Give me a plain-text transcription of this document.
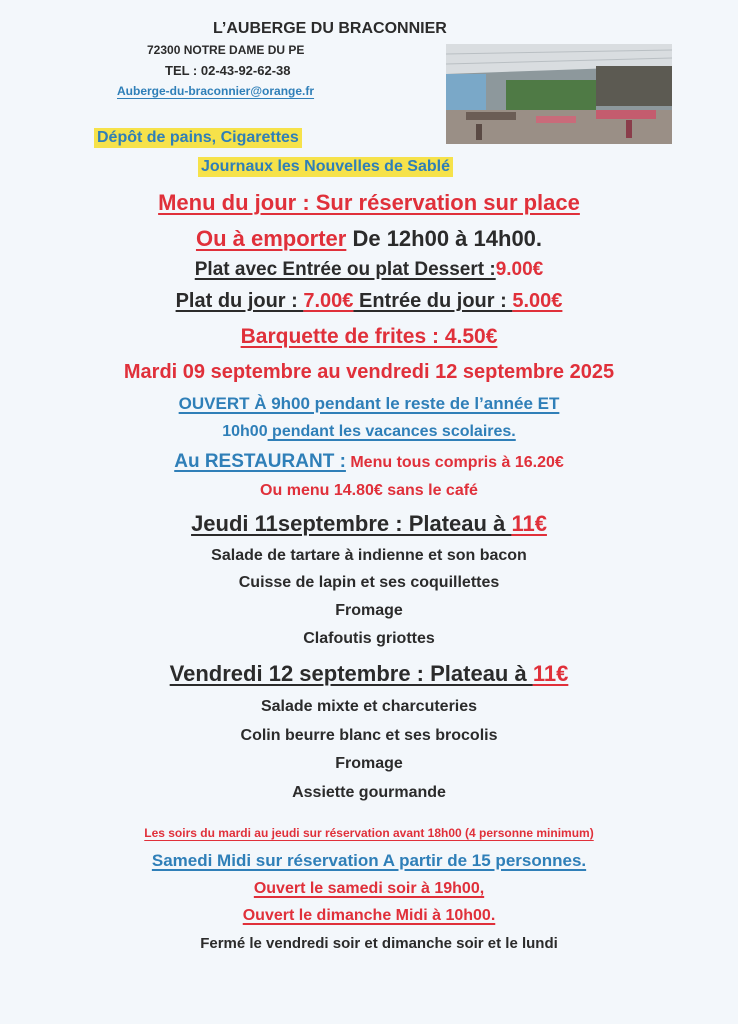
L’AUBERGE DU BRACONNIER
72300 NOTRE DAME DU PE
TEL : 02-43-92-62-38
Auberge-du-braconnier@orange.fr
Dépôt de pains, Cigarettes
Journaux les Nouvelles de Sablé
Menu du jour : Sur réservation sur place
Ou à emporter De 12h00 à 14h00.
Plat avec Entrée ou plat Dessert :9.00€
Plat du jour : 7.00€ Entrée du jour : 5.00€
Barquette de frites : 4.50€
Mardi 09 septembre au vendredi 12 septembre 2025
OUVERT À 9h00 pendant le reste de l’année ET
10h00 pendant les vacances scolaires.
Au RESTAURANT : Menu tous compris à 16.20€
Ou menu 14.80€ sans le café
Jeudi 11septembre : Plateau à 11€
Salade de tartare à indienne et son bacon
Cuisse de lapin et ses coquillettes
Fromage
Clafoutis griottes
Vendredi 12 septembre : Plateau à 11€
Salade mixte et charcuteries
Colin beurre blanc et ses brocolis
Fromage
Assiette gourmande
Les soirs du mardi au jeudi sur réservation avant 18h00 (4 personne minimum)
Samedi Midi sur réservation A partir de 15 personnes.
Ouvert le samedi soir à 19h00,
Ouvert le dimanche Midi à 10h00.
Fermé le vendredi soir et dimanche soir et le lundi
